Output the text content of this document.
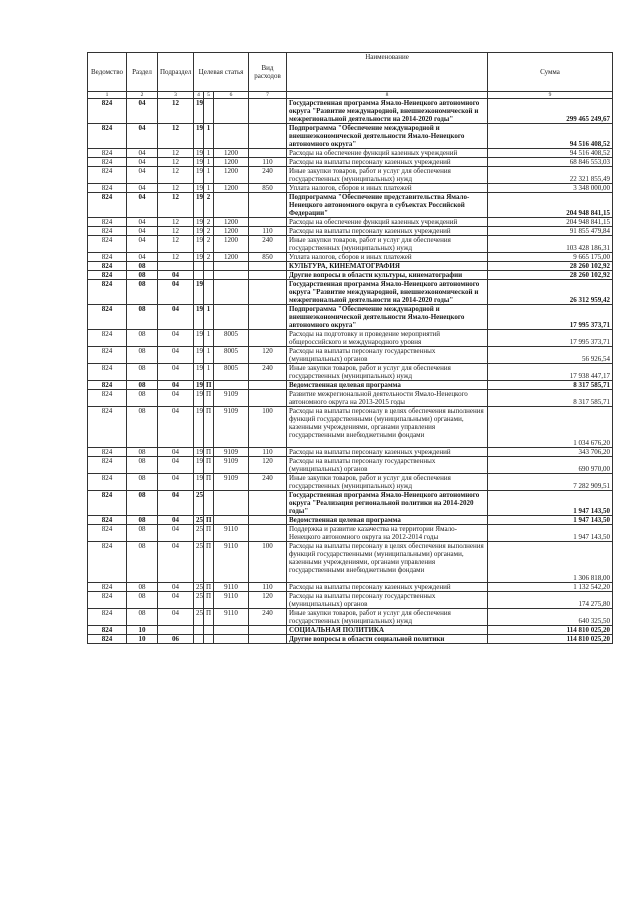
Ведомство	Раздел	Подраздел	Целевая статья			Вид расходов	Наименование	Сумма
1	2	3	4	5	6	7	8	9
824	04	12	19				Государственная программа Ямало-Ненецкого автономного округа "Развитие международной, внешнеэкономической и межрегиональной деятельности на 2014-2020 годы"	299 465 249,67
824	04	12	19	1			Подпрограмма "Обеспечение международной и внешнеэкономической деятельности Ямало-Ненецкого автономного округа"	94 516 408,52
824	04	12	19	1	1200		Расходы на обеспечение функций казенных учреждений	94 516 408,52
824	04	12	19	1	1200	110	Расходы на выплаты персоналу казенных учреждений	68 846 553,03
824	04	12	19	1	1200	240	Иные закупки товаров, работ и услуг для обеспечения государственных (муниципальных) нужд	22 321 855,49
824	04	12	19	1	1200	850	Уплата налогов, сборов и иных платежей	3 348 000,00
824	04	12	19	2			Подпрограмма "Обеспечение представительства Ямало-Ненецкого автономного округа в субъектах Российской Федерации"	204 948 841,15
824	04	12	19	2	1200		Расходы на обеспечение функций казенных учреждений	204 948 841,15
824	04	12	19	2	1200	110	Расходы на выплаты персоналу казенных учреждений	91 855 479,84
824	04	12	19	2	1200	240	Иные закупки товаров, работ и услуг для обеспечения государственных (муниципальных) нужд	103 428 186,31
824	04	12	19	2	1200	850	Уплата налогов, сборов и иных платежей	9 665 175,00
824	08						КУЛЬТУРА, КИНЕМАТОГРАФИЯ	28 260 102,92
824	08	04					Другие вопросы в области культуры, кинематографии	28 260 102,92
824	08	04	19				Государственная программа Ямало-Ненецкого автономного округа "Развитие международной, внешнеэкономической и межрегиональной деятельности на 2014-2020 годы"	26 312 959,42
824	08	04	19	1			Подпрограмма "Обеспечение международной и внешнеэкономической деятельности Ямало-Ненецкого автономного округа"	17 995 373,71
824	08	04	19	1	8005		Расходы на подготовку и проведение мероприятий общероссийского и международного уровня	17 995 373,71
824	08	04	19	1	8005	120	Расходы на выплаты персоналу государственных (муниципальных) органов	56 926,54
824	08	04	19	1	8005	240	Иные закупки товаров, работ и услуг для обеспечения государственных (муниципальных) нужд	17 938 447,17
824	08	04	19	П			Ведомственная целевая программа	8 317 585,71
824	08	04	19	П	9109		Развитие межрегиональной деятельности Ямало-Ненецкого автономного округа на 2013-2015 годы	8 317 585,71
824	08	04	19	П	9109	100	Расходы на выплаты персоналу в целях обеспечения выполнения функций государственными (муниципальными) органами, казенными учреждениями, органами управления государственными внебюджетными фондами	1 034 676,20
824	08	04	19	П	9109	110	Расходы на выплаты персоналу казенных учреждений	343 706,20
824	08	04	19	П	9109	120	Расходы на выплаты персоналу государственных (муниципальных) органов	690 970,00
824	08	04	19	П	9109	240	Иные закупки товаров, работ и услуг для обеспечения государственных (муниципальных) нужд	7 282 909,51
824	08	04	25				Государственная программа Ямало-Ненецкого автономного округа "Реализация региональной политики на 2014-2020 годы"	1 947 143,50
824	08	04	25	П			Ведомственная целевая программа	1 947 143,50
824	08	04	25	П	9110		Поддержка и развитие казачества на территории Ямало-Ненецкого автономного округа на 2012-2014 годы	1 947 143,50
824	08	04	25	П	9110	100	Расходы на выплаты персоналу в целях обеспечения выполнения функций государственными (муниципальными) органами, казенными учреждениями, органами управления государственными внебюджетными фондами	1 306 818,00
824	08	04	25	П	9110	110	Расходы на выплаты персоналу казенных учреждений	1 132 542,20
824	08	04	25	П	9110	120	Расходы на выплаты персоналу государственных (муниципальных) органов	174 275,80
824	08	04	25	П	9110	240	Иные закупки товаров, работ и услуг для обеспечения государственных (муниципальных) нужд	640 325,50
824	10						СОЦИАЛЬНАЯ ПОЛИТИКА	114 810 025,20
824	10	06					Другие вопросы в области социальной политики	114 810 025,20
